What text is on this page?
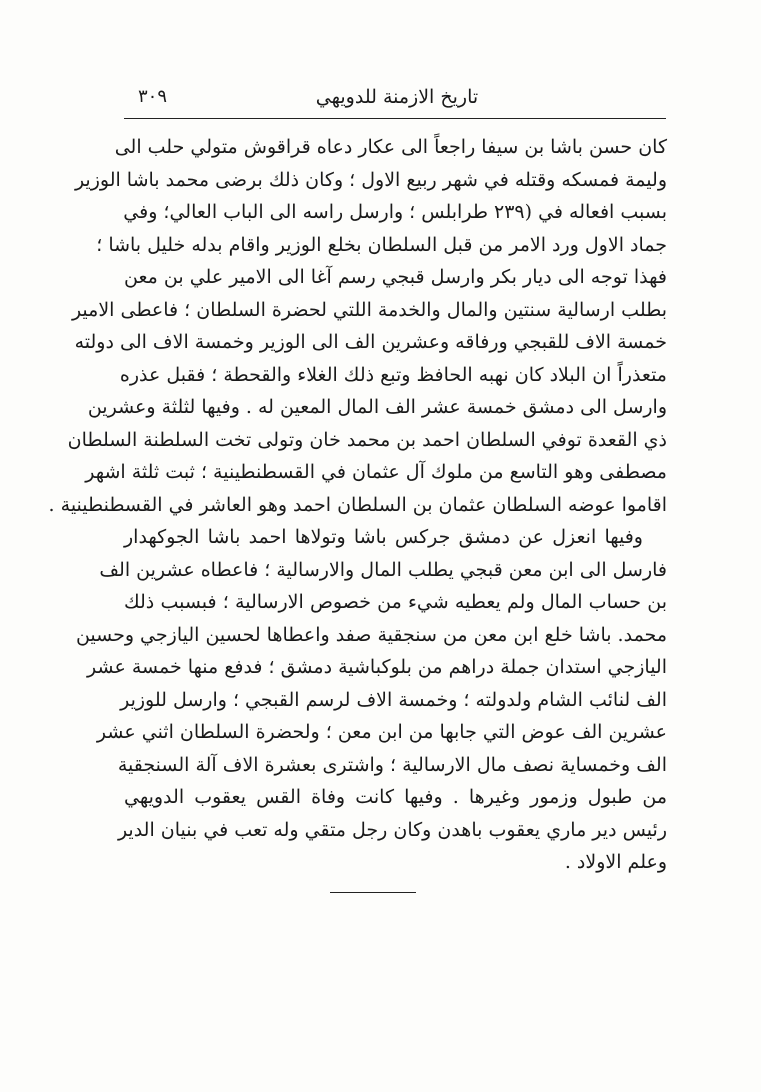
تاريخ الازمنة للدويهي
٣٠٩
كان حسن باشا بن سيفا راجعاً الى عكار دعاه قراقوش متولي حلب الى
وليمة فمسكه وقتله في شهر ربيع الاول ؛ وكان ذلك برضى محمد باشا الوزير
بسبب افعاله في (٢٣٩ طرابلس ؛ وارسل راسه الى الباب العالي؛ وفي
جماد الاول ورد الامر من قبل السلطان بخلع الوزير واقام بدله خليل باشا ؛
فهذا توجه الى ديار بكر وارسل قبجي رسم آغا الى الامير علي بن معن
بطلب ارسالية سنتين والمال والخدمة اللتي لحضرة السلطان ؛ فاعطى الامير
خمسة الاف للقبجي ورفاقه وعشرين الف الى الوزير وخمسة الاف الى دولته
متعذراً ان البلاد كان نهبه الحافظ وتبع ذلك الغلاء والقحطة ؛ فقبل عذره
وارسل الى دمشق خمسة عشر الف المال المعين له . وفيها لثلثة وعشرين
ذي القعدة توفي السلطان احمد بن محمد خان وتولى تخت السلطنة السلطان
مصطفى وهو التاسع من ملوك آل عثمان في القسطنطينية ؛ ثبت ثلثة اشهر
اقاموا عوضه السلطان عثمان بن السلطان احمد وهو العاشر في القسطنطينية .
وفيها انعزل عن دمشق جركس باشا وتولاها احمد باشا الجوكهدار
فارسل الى ابن معن قبجي يطلب المال والارسالية ؛ فاعطاه عشرين الف
بن حساب المال ولم يعطيه شيء من خصوص الارسالية ؛ فبسبب ذلك
محمد. باشا خلع ابن معن من سنجقية صفد واعطاها لحسين اليازجي وحسين
اليازجي استدان جملة دراهم من بلوكباشية دمشق ؛ فدفع منها خمسة عشر
الف لنائب الشام ولدولته ؛ وخمسة الاف لرسم القبجي ؛ وارسل للوزير
عشرين الف عوض التي جابها من ابن معن ؛ ولحضرة السلطان اثني عشر
الف وخمساية نصف مال الارسالية ؛ واشترى بعشرة الاف آلة السنجقية
من طبول وزمور وغيرها . وفيها كانت وفاة القس يعقوب الدويهي
رئيس دير ماري يعقوب باهدن وكان رجل متقي وله تعب في بنيان الدير
وعلم الاولاد .
